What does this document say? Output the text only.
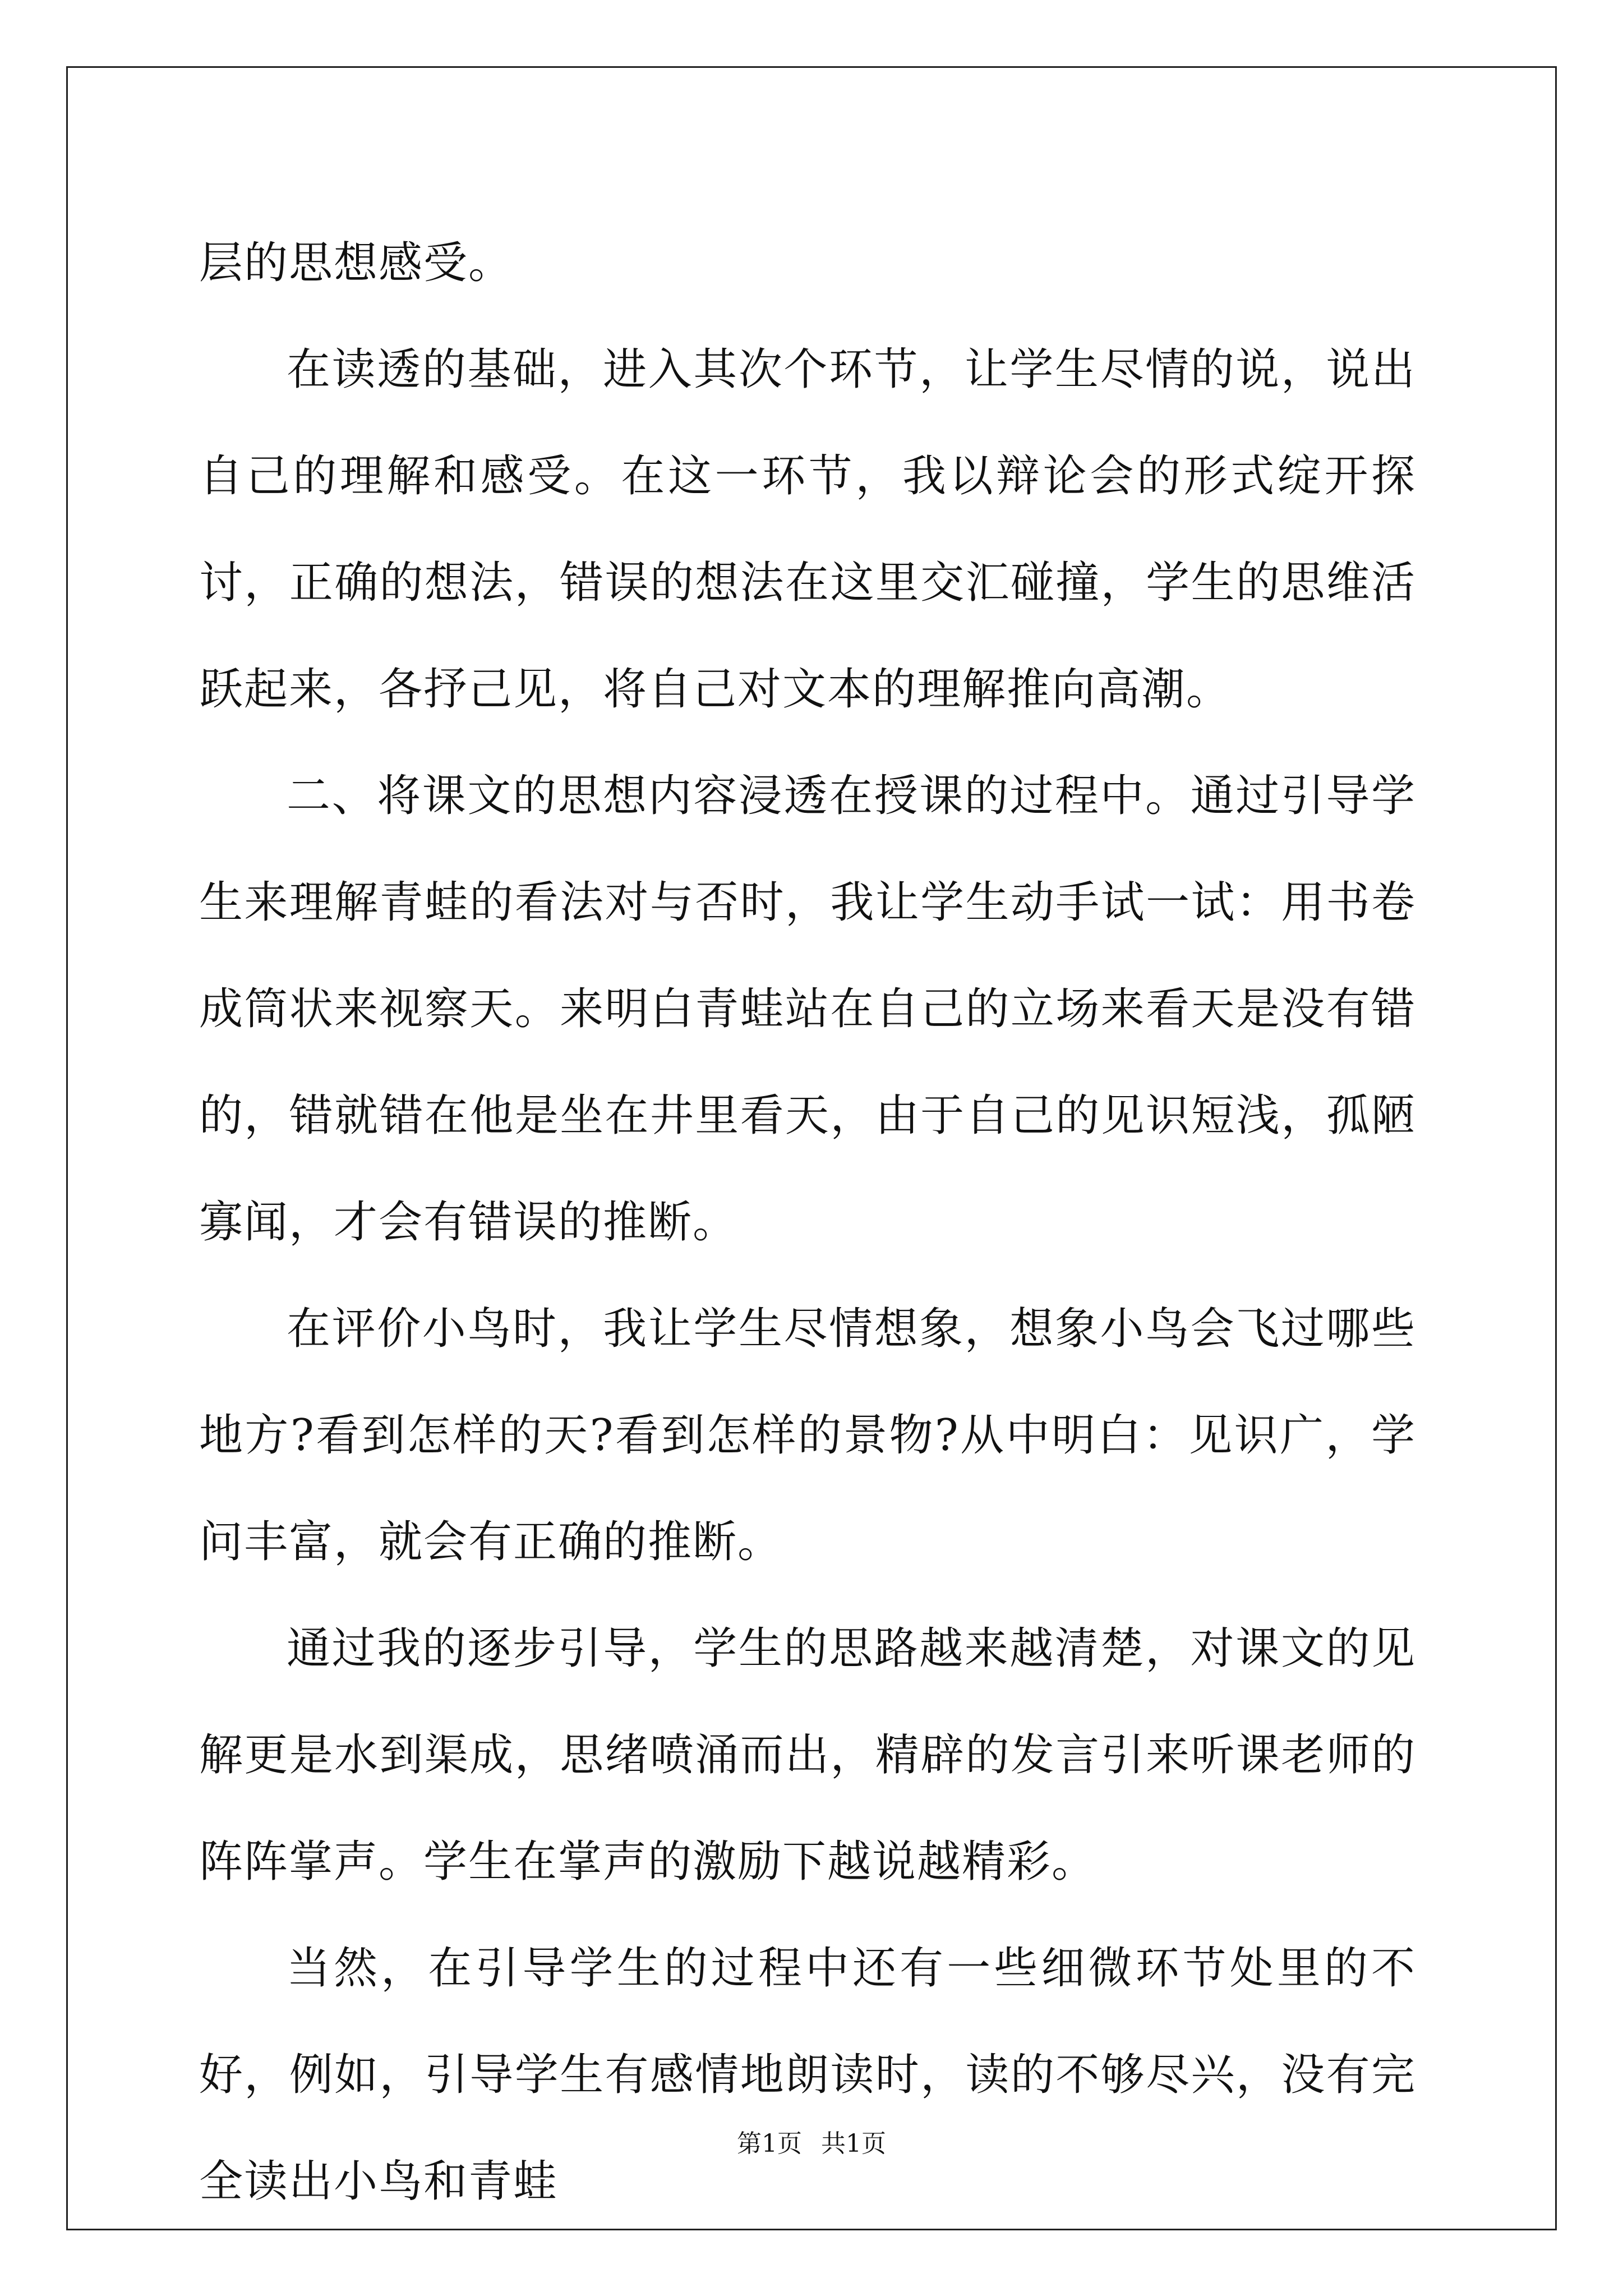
层的思想感受。

在读透的基础，进入其次个环节，让学生尽情的说，说出自己的理解和感受。在这一环节，我以辩论会的形式绽开探讨，正确的想法，错误的想法在这里交汇碰撞，学生的思维活跃起来，各抒己见，将自己对文本的理解推向高潮。

二、将课文的思想内容浸透在授课的过程中。通过引导学生来理解青蛙的看法对与否时，我让学生动手试一试：用书卷成筒状来视察天。来明白青蛙站在自己的立场来看天是没有错的，错就错在他是坐在井里看天，由于自己的见识短浅，孤陋寡闻，才会有错误的推断。

在评价小鸟时，我让学生尽情想象，想象小鸟会飞过哪些地方?看到怎样的天?看到怎样的景物?从中明白：见识广，学问丰富，就会有正确的推断。

通过我的逐步引导，学生的思路越来越清楚，对课文的见解更是水到渠成，思绪喷涌而出，精辟的发言引来听课老师的阵阵掌声。学生在掌声的激励下越说越精彩。

当然，在引导学生的过程中还有一些细微环节处里的不好，例如，引导学生有感情地朗读时，读的不够尽兴，没有完全读出小鸟和青蛙

第1页 共1页
